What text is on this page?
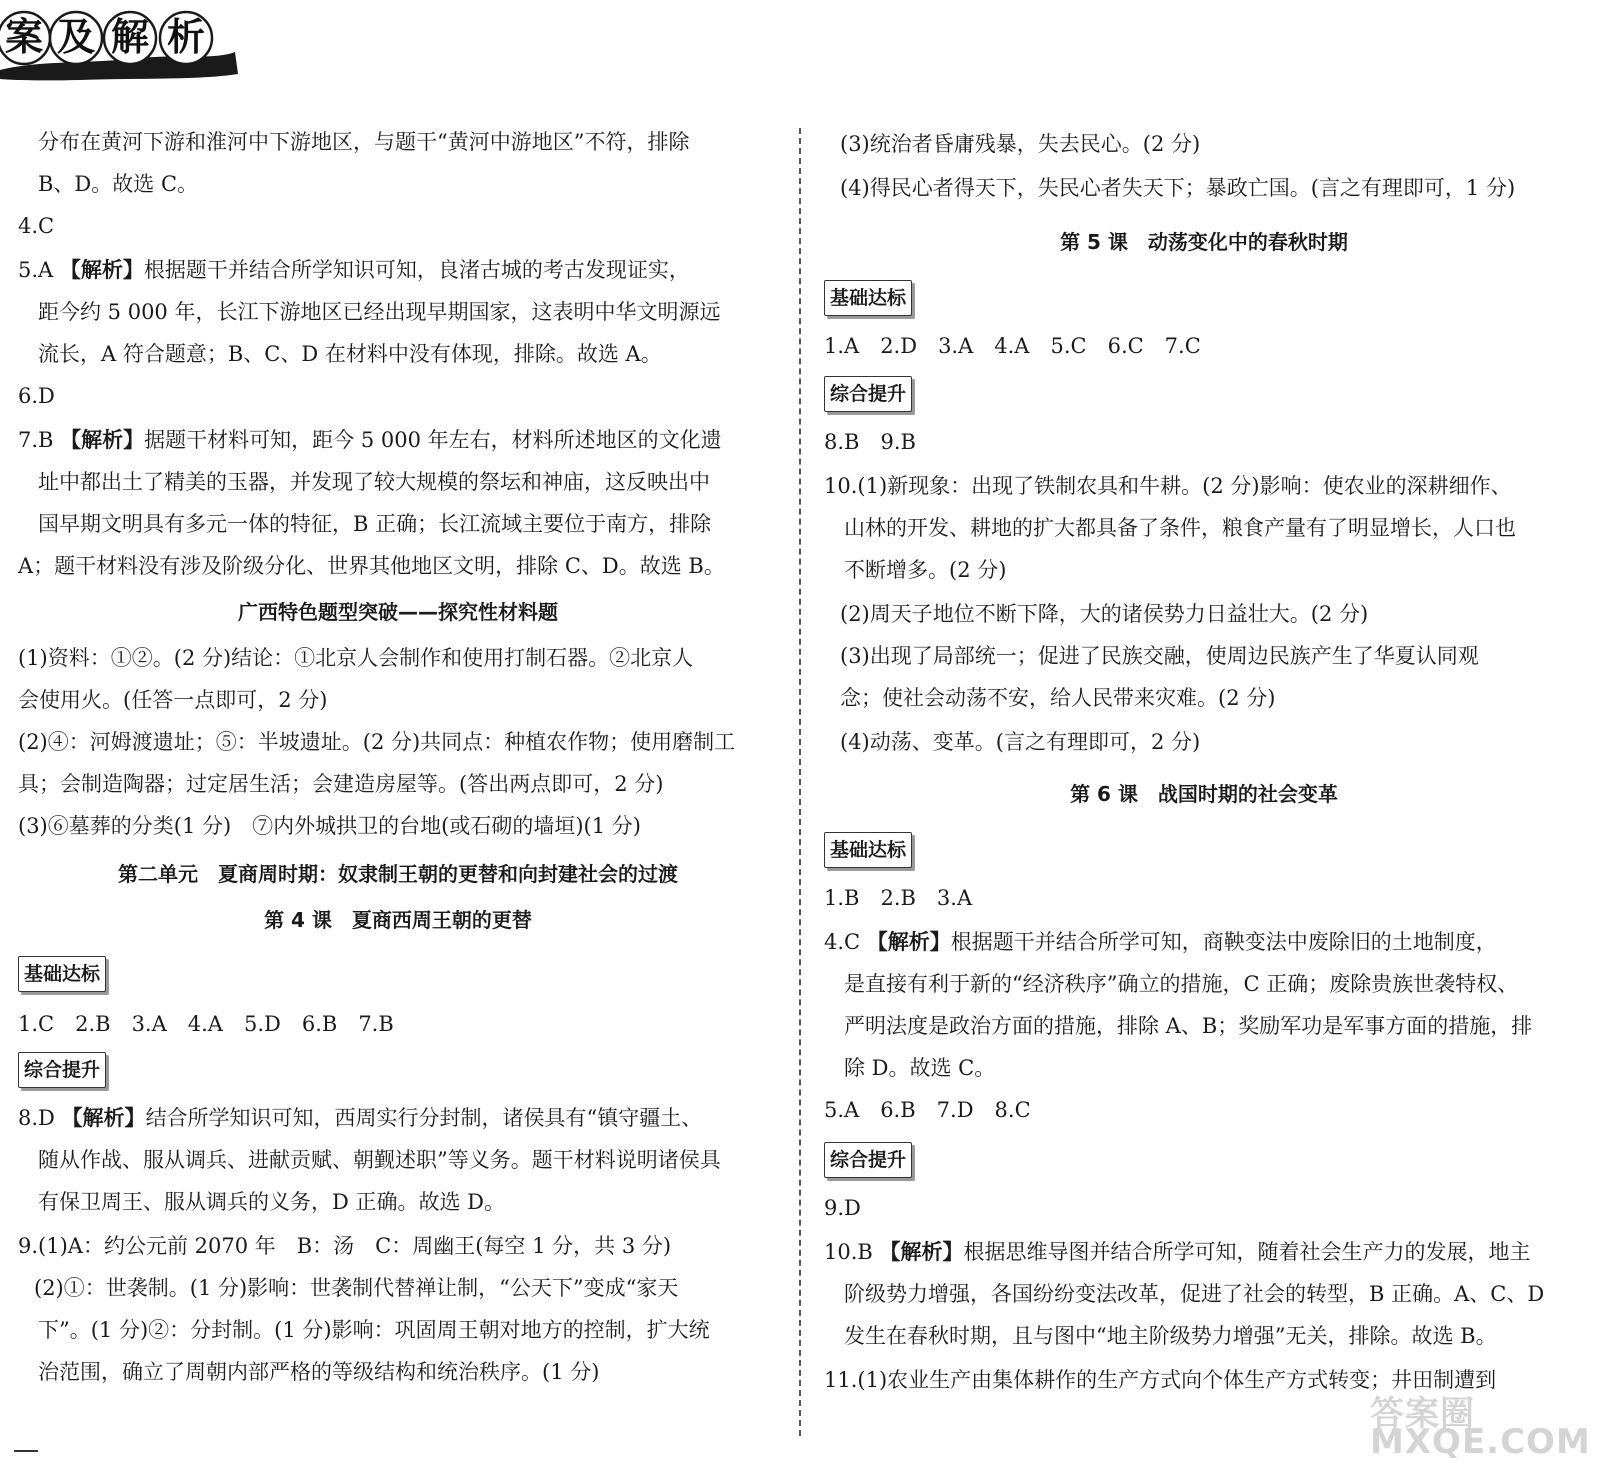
案 及 解 析
分布在黄河下游和淮河中下游地区，与题干“黄河中游地区”不符，排除
B、D。故选 C。
4.C
5.A 【解析】根据题干并结合所学知识可知，良渚古城的考古发现证实，
距今约 5 000 年，长江下游地区已经出现早期国家，这表明中华文明源远
流长，A 符合题意；B、C、D 在材料中没有体现，排除。故选 A。
6.D
7.B 【解析】据题干材料可知，距今 5 000 年左右，材料所述地区的文化遗
址中都出土了精美的玉器，并发现了较大规模的祭坛和神庙，这反映出中
国早期文明具有多元一体的特征，B 正确；长江流域主要位于南方，排除
A；题干材料没有涉及阶级分化、世界其他地区文明，排除 C、D。故选 B。
广西特色题型突破——探究性材料题
(1)资料：①②。(2 分)结论：①北京人会制作和使用打制石器。②北京人
会使用火。(任答一点即可，2 分)
(2)④：河姆渡遗址；⑤：半坡遗址。(2 分)共同点：种植农作物；使用磨制工
具；会制造陶器；过定居生活；会建造房屋等。(答出两点即可，2 分)
(3)⑥墓葬的分类(1 分)　⑦内外城拱卫的台地(或石砌的墙垣)(1 分)
第二单元　夏商周时期：奴隶制王朝的更替和向封建社会的过渡
第 4 课　夏商西周王朝的更替
基础达标
1.C　2.B　3.A　4.A　5.D　6.B　7.B
综合提升
8.D 【解析】结合所学知识可知，西周实行分封制，诸侯具有“镇守疆土、
随从作战、服从调兵、进献贡赋、朝觐述职”等义务。题干材料说明诸侯具
有保卫周王、服从调兵的义务，D 正确。故选 D。
9.(1)A：约公元前 2070 年　B：汤　C：周幽王(每空 1 分，共 3 分)
(2)①：世袭制。(1 分)影响：世袭制代替禅让制，“公天下”变成“家天
下”。(1 分)②：分封制。(1 分)影响：巩固周王朝对地方的控制，扩大统
治范围，确立了周朝内部严格的等级结构和统治秩序。(1 分)
(3)统治者昏庸残暴，失去民心。(2 分)
(4)得民心者得天下，失民心者失天下；暴政亡国。(言之有理即可，1 分)
第 5 课　动荡变化中的春秋时期
基础达标
1.A　2.D　3.A　4.A　5.C　6.C　7.C
综合提升
8.B　9.B
10.(1)新现象：出现了铁制农具和牛耕。(2 分)影响：使农业的深耕细作、
山林的开发、耕地的扩大都具备了条件，粮食产量有了明显增长，人口也
不断增多。(2 分)
(2)周天子地位不断下降，大的诸侯势力日益壮大。(2 分)
(3)出现了局部统一；促进了民族交融，使周边民族产生了华夏认同观
念；使社会动荡不安，给人民带来灾难。(2 分)
(4)动荡、变革。(言之有理即可，2 分)
第 6 课　战国时期的社会变革
基础达标
1.B　2.B　3.A
4.C 【解析】根据题干并结合所学可知，商鞅变法中废除旧的土地制度，
是直接有利于新的“经济秩序”确立的措施，C 正确；废除贵族世袭特权、
严明法度是政治方面的措施，排除 A、B；奖励军功是军事方面的措施，排
除 D。故选 C。
5.A　6.B　7.D　8.C
综合提升
9.D
10.B 【解析】根据思维导图并结合所学可知，随着社会生产力的发展，地主
阶级势力增强，各国纷纷变法改革，促进了社会的转型，B 正确。A、C、D
发生在春秋时期，且与图中“地主阶级势力增强”无关，排除。故选 B。
11.(1)农业生产由集体耕作的生产方式向个体生产方式转变；井田制遭到
答案圈 MXQE.COM
